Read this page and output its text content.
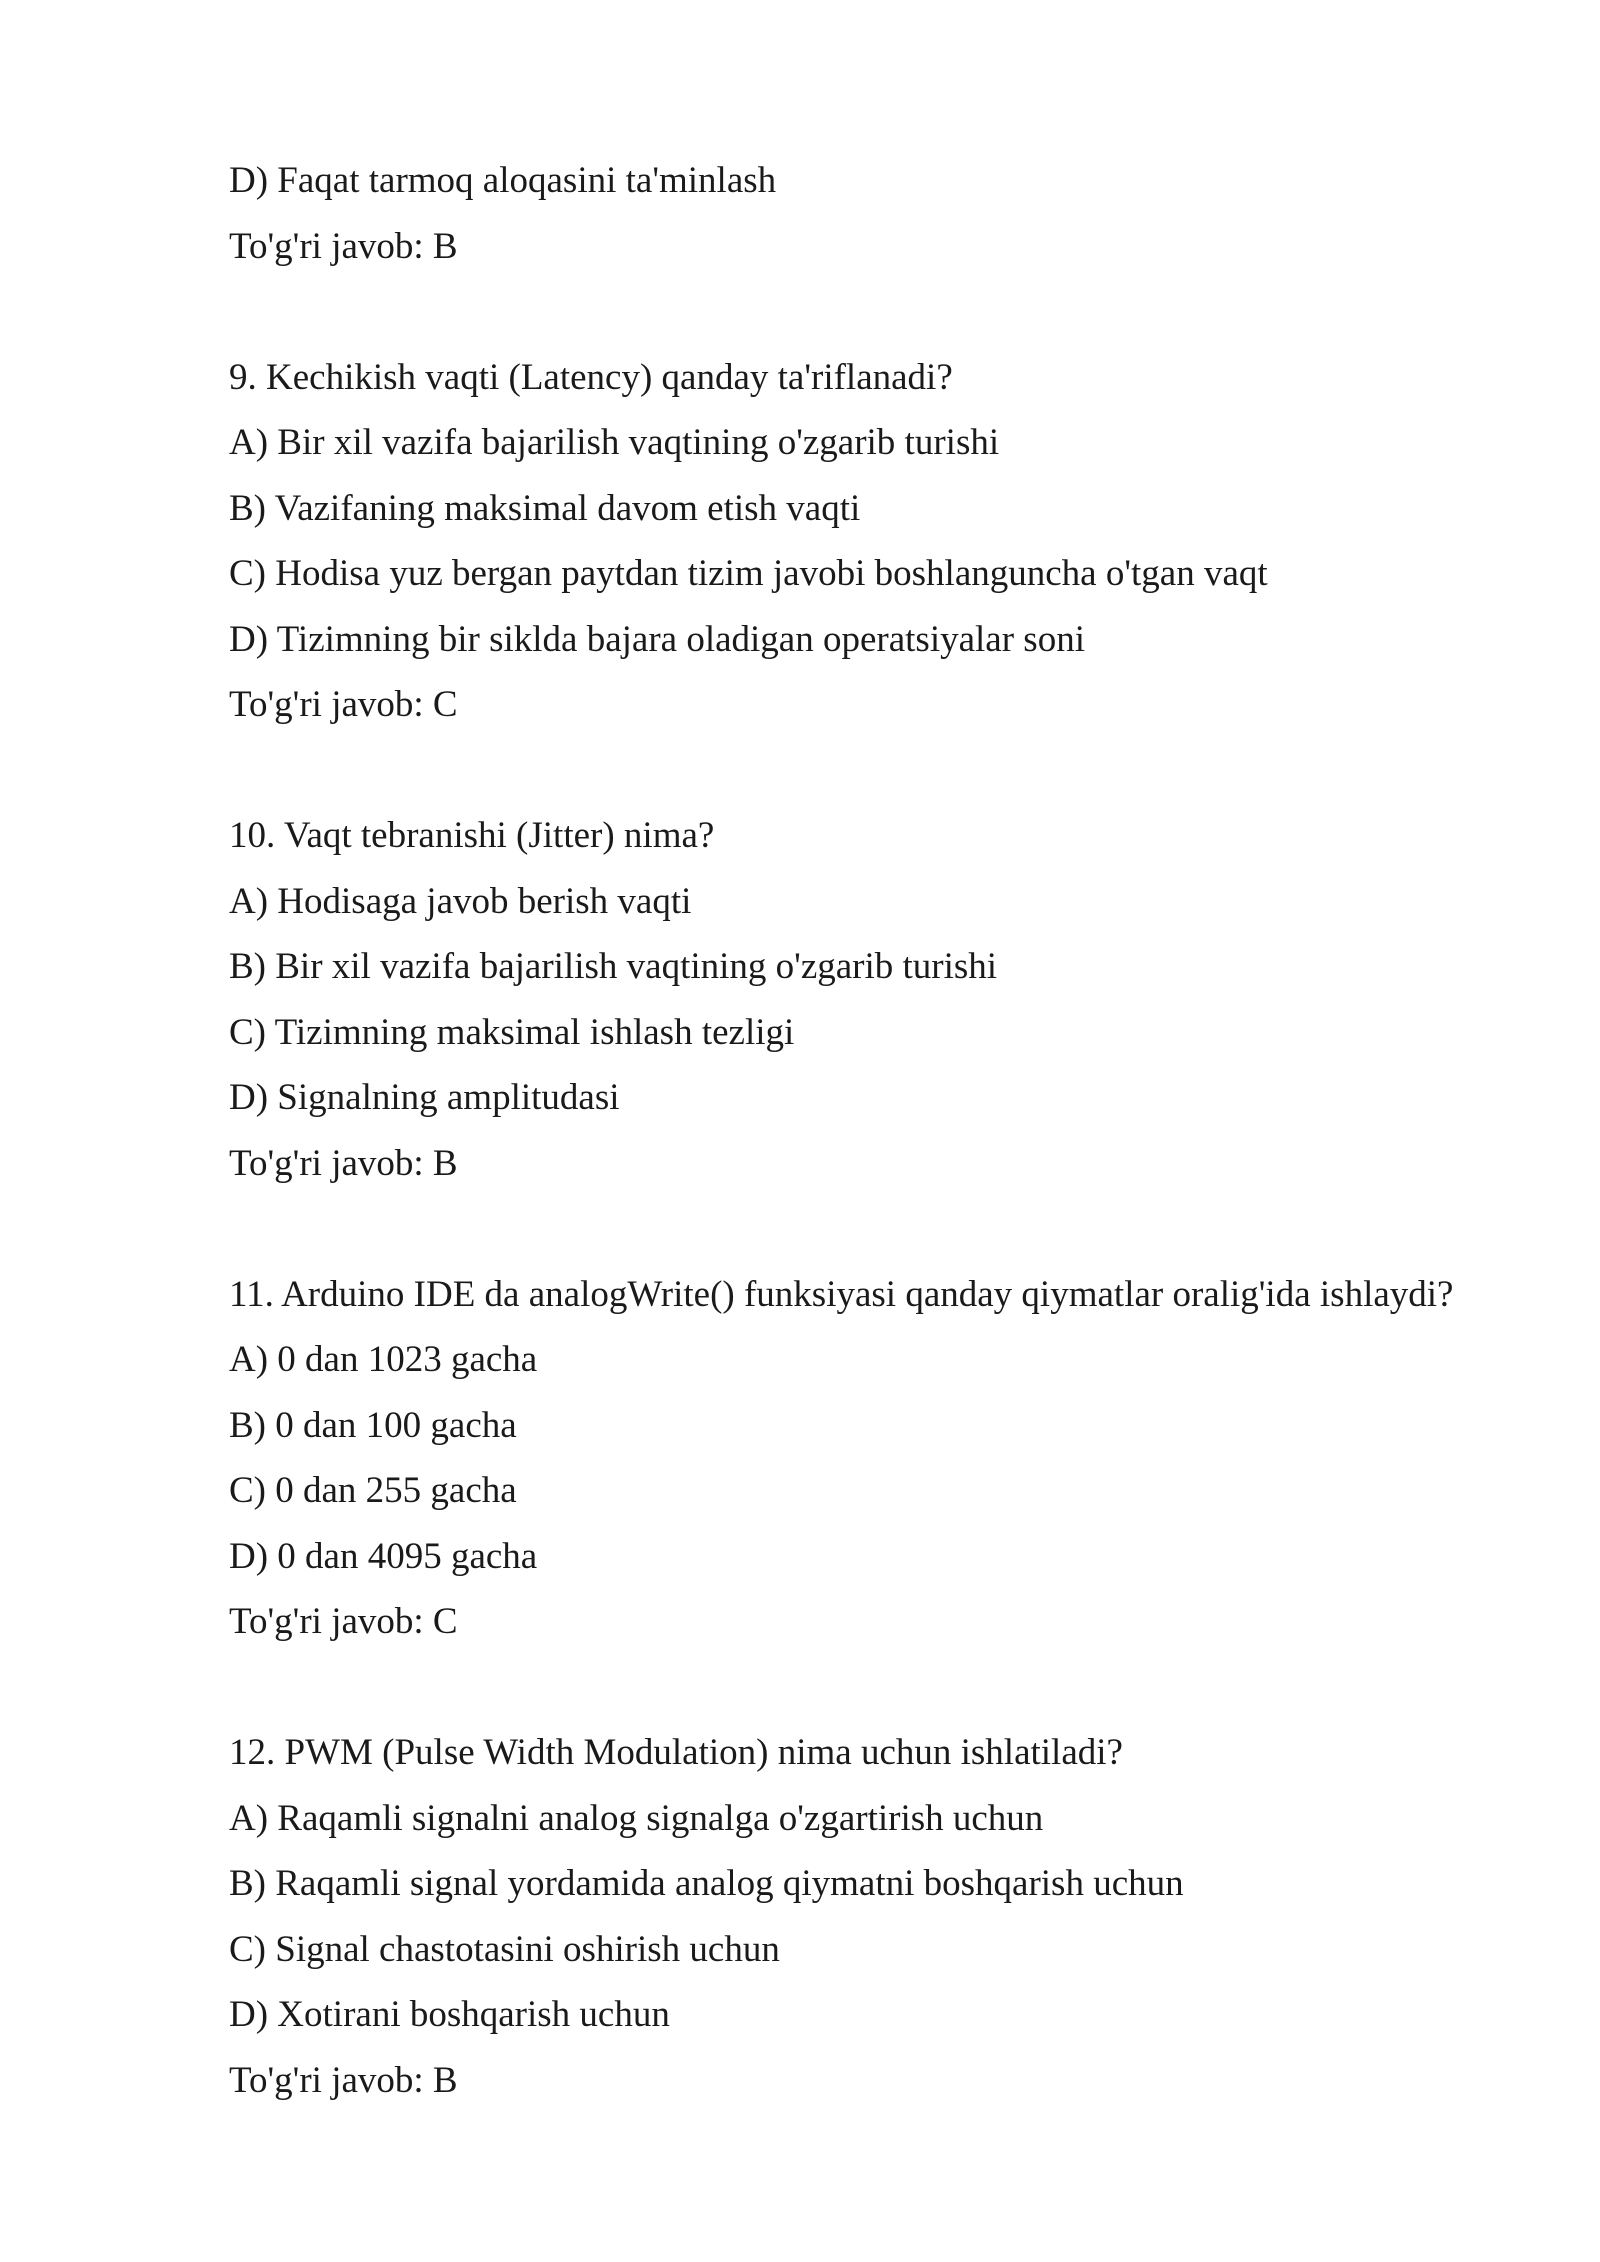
D) Faqat tarmoq aloqasini ta'minlash
To'g'ri javob: B
9. Kechikish vaqti (Latency) qanday ta'riflanadi?
A) Bir xil vazifa bajarilish vaqtining o'zgarib turishi
B) Vazifaning maksimal davom etish vaqti
C) Hodisa yuz bergan paytdan tizim javobi boshlanguncha o'tgan vaqt
D) Tizimning bir sikldа bajara oladigan operatsiyalar soni
To'g'ri javob: C
10. Vaqt tebranishi (Jitter) nima?
A) Hodisaga javob berish vaqti
B) Bir xil vazifa bajarilish vaqtining o'zgarib turishi
C) Tizimning maksimal ishlash tezligi
D) Signalning amplitudasi
To'g'ri javob: B
11. Arduino IDE da analogWrite() funksiyasi qanday qiymatlar oralig'ida ishlaydi?
A) 0 dan 1023 gacha
B) 0 dan 100 gacha
C) 0 dan 255 gacha
D) 0 dan 4095 gacha
To'g'ri javob: C
12. PWM (Pulse Width Modulation) nima uchun ishlatiladi?
A) Raqamli signalni analog signalga o'zgartirish uchun
B) Raqamli signal yordamida analog qiymatni boshqarish uchun
C) Signal chastotasini oshirish uchun
D) Xotirani boshqarish uchun
To'g'ri javob: B
